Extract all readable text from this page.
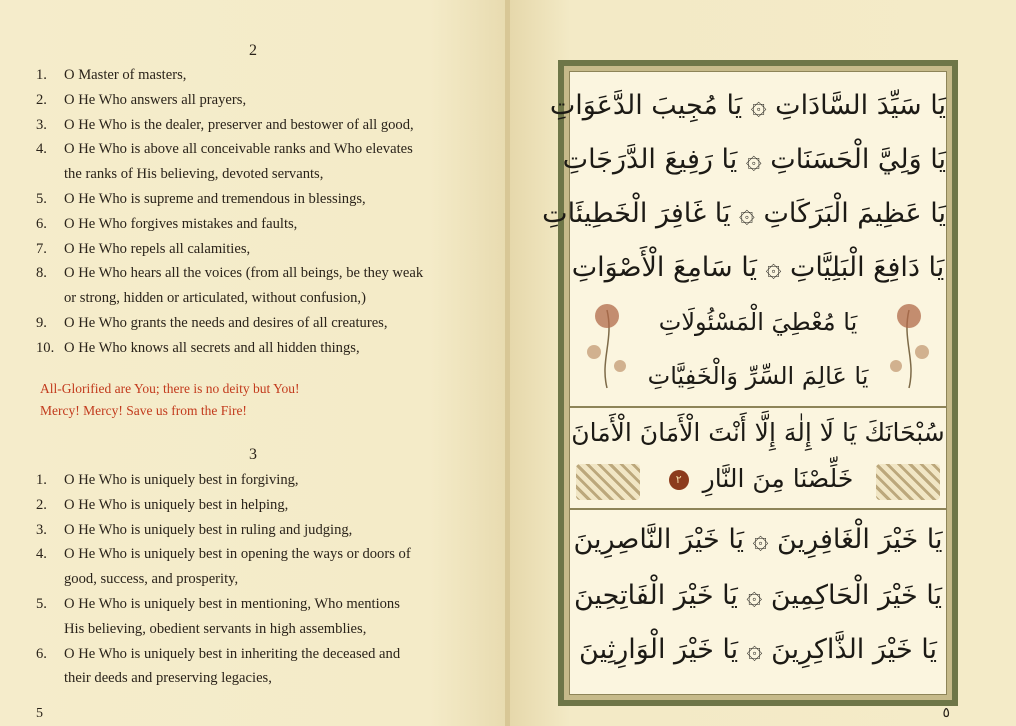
2
1. O Master of masters,
2. O He Who answers all prayers,
3. O He Who is the dealer, preserver and bestower of all good,
4. O He Who is above all conceivable ranks and Who elevates
the ranks of His believing, devoted servants,
5. O He Who is supreme and tremendous in blessings,
6. O He Who forgives mistakes and faults,
7. O He Who repels all calamities,
8. O He Who hears all the voices (from all beings, be they weak
or strong, hidden or articulated, without confusion,)
9. O He Who grants the needs and desires of all creatures,
10. O He Who knows all secrets and all hidden things,
All-Glorified are You; there is no deity but You!
Mercy! Mercy! Save us from the Fire!
3
1. O He Who is uniquely best in forgiving,
2. O He Who is uniquely best in helping,
3. O He Who is uniquely best in ruling and judging,
4. O He Who is uniquely best in opening the ways or doors of
good, success, and prosperity,
5. O He Who is uniquely best in mentioning, Who mentions
His believing, obedient servants in high assemblies,
6. O He Who is uniquely best in inheriting the deceased and
their deeds and preserving legacies,
5	٥
يَا سَيِّدَ السَّادَاتِ ۞ يَا مُجِيبَ الدَّعَوَاتِ
يَا وَلِيَّ الْحَسَنَاتِ ۞ يَا رَفِيعَ الدَّرَجَاتِ
يَا عَظِيمَ الْبَرَكَاتِ ۞ يَا غَافِرَ الْخَطِيئَاتِ
يَا دَافِعَ الْبَلِيَّاتِ ۞ يَا سَامِعَ الْأَصْوَاتِ
يَا مُعْطِيَ الْمَسْئُولَاتِ
يَا عَالِمَ السِّرِّ وَالْخَفِيَّاتِ
سُبْحَانَكَ يَا لَا إِلٰهَ إِلَّا أَنْتَ الْأَمَانَ الْأَمَانَ
خَلِّصْنَا مِنَ النَّارِ ٢
يَا خَيْرَ الْغَافِرِينَ ۞ يَا خَيْرَ النَّاصِرِينَ
يَا خَيْرَ الْحَاكِمِينَ ۞ يَا خَيْرَ الْفَاتِحِينَ
يَا خَيْرَ الذَّاكِرِينَ ۞ يَا خَيْرَ الْوَارِثِينَ
